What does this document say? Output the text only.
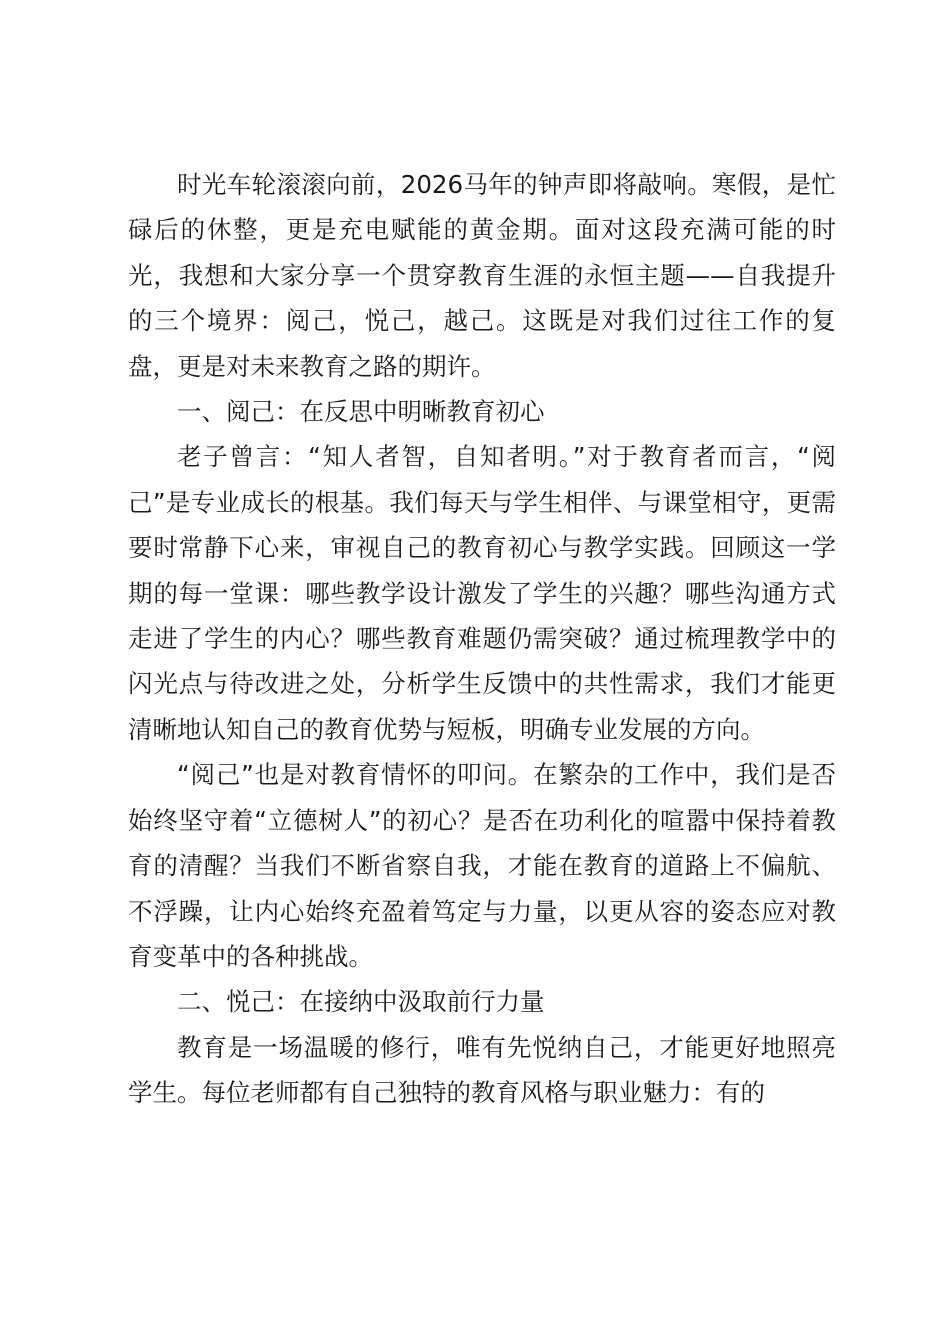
时光车轮滚滚向前，2026马年的钟声即将敲响。寒假，是忙碌后的休整，更是充电赋能的黄金期。面对这段充满可能的时光，我想和大家分享一个贯穿教育生涯的永恒主题——自我提升的三个境界：阅己，悦己，越己。这既是对我们过往工作的复盘，更是对未来教育之路的期许。

一、阅己：在反思中明晰教育初心

老子曾言：“知人者智，自知者明。”对于教育者而言，“阅己”是专业成长的根基。我们每天与学生相伴、与课堂相守，更需要时常静下心来，审视自己的教育初心与教学实践。回顾这一学期的每一堂课：哪些教学设计激发了学生的兴趣？哪些沟通方式走进了学生的内心？哪些教育难题仍需突破？通过梳理教学中的闪光点与待改进之处，分析学生反馈中的共性需求，我们才能更清晰地认知自己的教育优势与短板，明确专业发展的方向。

“阅己”也是对教育情怀的叩问。在繁杂的工作中，我们是否始终坚守着“立德树人”的初心？是否在功利化的喧嚣中保持着教育的清醒？当我们不断省察自我，才能在教育的道路上不偏航、不浮躁，让内心始终充盈着笃定与力量，以更从容的姿态应对教育变革中的各种挑战。

二、悦己：在接纳中汲取前行力量

教育是一场温暖的修行，唯有先悦纳自己，才能更好地照亮学生。每位老师都有自己独特的教育风格与职业魅力：有的
